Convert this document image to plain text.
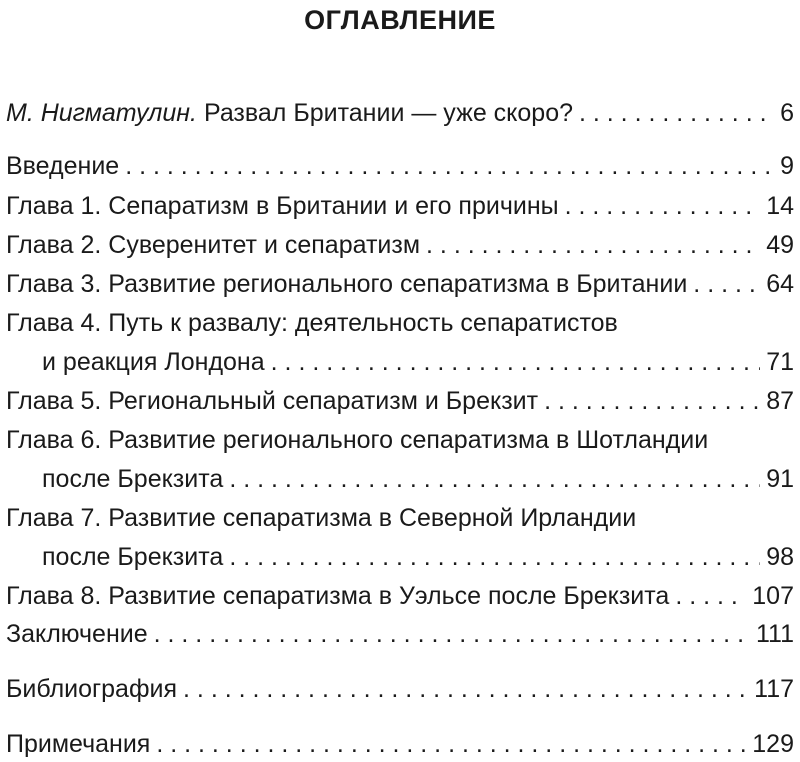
ОГЛАВЛЕНИЕ
М. Нигматулин. Развал Британии — уже скоро? . . .	6
Введение . . .	9
Глава 1. Сепаратизм в Британии и его причины . . .	14
Глава 2. Суверенитет и сепаратизм . . .	49
Глава 3. Развитие регионального сепаратизма в Британии . . .	64
Глава 4. Путь к развалу: деятельность сепаратистов
и реакция Лондона . . .	71
Глава 5. Региональный сепаратизм и Брекзит . . .	87
Глава 6. Развитие регионального сепаратизма в Шотландии
после Брекзита . . .	91
Глава 7. Развитие сепаратизма в Северной Ирландии
после Брекзита . . .	98
Глава 8. Развитие сепаратизма в Уэльсе после Брекзита . . .	107
Заключение . . .	111
Библиография . . .	117
Примечания . . .	129
